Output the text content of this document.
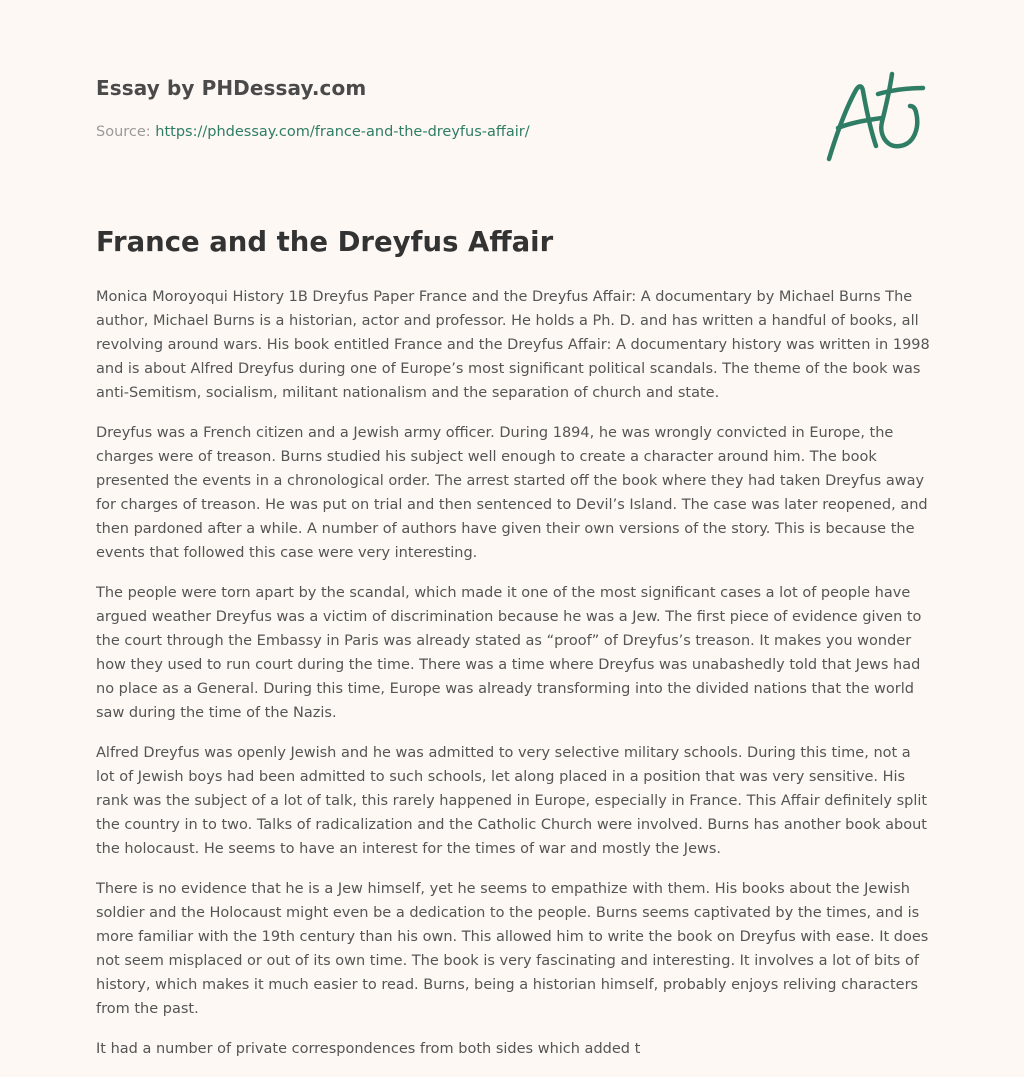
Essay by PHDessay.com
Source: https://phdessay.com/france-and-the-dreyfus-affair/
France and the Dreyfus Affair

Monica Moroyoqui History 1B Dreyfus Paper France and the Dreyfus Affair: A documentary by Michael Burns The author, Michael Burns is a historian, actor and professor. He holds a Ph. D. and has written a handful of books, all revolving around wars. His book entitled France and the Dreyfus Affair: A documentary history was written in 1998 and is about Alfred Dreyfus during one of Europe’s most significant political scandals. The theme of the book was anti-Semitism, socialism, militant nationalism and the separation of church and state.

Dreyfus was a French citizen and a Jewish army officer. During 1894, he was wrongly convicted in Europe, the charges were of treason. Burns studied his subject well enough to create a character around him. The book presented the events in a chronological order. The arrest started off the book where they had taken Dreyfus away for charges of treason. He was put on trial and then sentenced to Devil’s Island. The case was later reopened, and then pardoned after a while. A number of authors have given their own versions of the story. This is because the events that followed this case were very interesting.

The people were torn apart by the scandal, which made it one of the most significant cases a lot of people have argued weather Dreyfus was a victim of discrimination because he was a Jew. The first piece of evidence given to the court through the Embassy in Paris was already stated as “proof” of Dreyfus’s treason. It makes you wonder how they used to run court during the time. There was a time where Dreyfus was unabashedly told that Jews had no place as a General. During this time, Europe was already transforming into the divided nations that the world saw during the time of the Nazis.

Alfred Dreyfus was openly Jewish and he was admitted to very selective military schools. During this time, not a lot of Jewish boys had been admitted to such schools, let along placed in a position that was very sensitive. His rank was the subject of a lot of talk, this rarely happened in Europe, especially in France. This Affair definitely split the country in to two. Talks of radicalization and the Catholic Church were involved. Burns has another book about the holocaust. He seems to have an interest for the times of war and mostly the Jews.

There is no evidence that he is a Jew himself, yet he seems to empathize with them. His books about the Jewish soldier and the Holocaust might even be a dedication to the people. Burns seems captivated by the times, and is more familiar with the 19th century than his own. This allowed him to write the book on Dreyfus with ease. It does not seem misplaced or out of its own time. The book is very fascinating and interesting. It involves a lot of bits of history, which makes it much easier to read. Burns, being a historian himself, probably enjoys reliving characters from the past.

It had a number of private correspondences from both sides which added t
